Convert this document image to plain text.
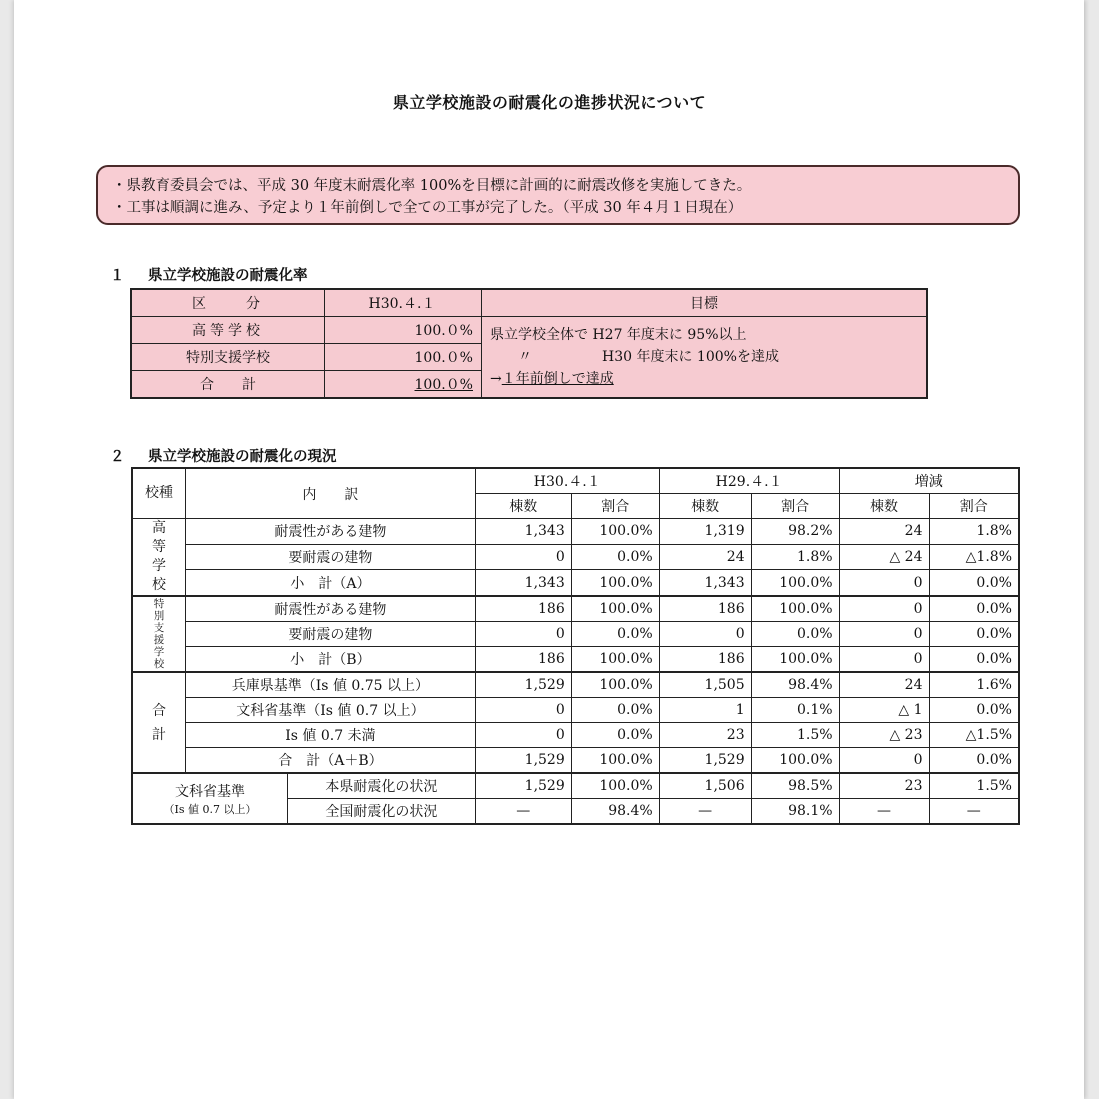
県立学校施設の耐震化の進捗状況について
・県教育委員会では、平成 30 年度末耐震化率 100%を目標に計画的に耐震改修を実施してきた。
・工事は順調に進み、予定より１年前倒しで全ての工事が完了した。（平成 30 年４月１日現在）
１ 県立学校施設の耐震化率
区　　分	H30.４.１	目標
高等学校	100.０%	県立学校全体で H27 年度末に 95%以上
　　〃　　　　　H30 年度末に 100%を達成
→１年前倒しで達成

特別支援学校	100.０%	
合　　計	100.０%	
２ 県立学校施設の耐震化の現況
校種	内　　訳		H30.４.１		H29.４.１		増減	
			棟数	割合	棟数	割合	棟数	割合

高等学校	耐震性がある建物		1,343	100.0%	1,319	98.2%	24	1.8%
	要耐震の建物		0	0.0%	24	1.8%	△ 24	△1.8%
	小　計（A）		1,343	100.0%	1,343	100.0%	0	0.0%

特別支援学校	耐震性がある建物		186	100.0%	186	100.0%	0	0.0%
	要耐震の建物		0	0.0%	0	0.0%	0	0.0%
	小　計（B）		186	100.0%	186	100.0%	0	0.0%

合計	兵庫県基準（Is 値 0.75 以上）		1,529	100.0%	1,505	98.4%	24	1.6%
	文科省基準（Is 値 0.7 以上）		0	0.0%	1	0.1%	△ 1	0.0%
	Is 値 0.7 未満		0	0.0%	23	1.5%	△ 23	△1.5%
	合　計（A＋B）		1,529	100.0%	1,529	100.0%	0	0.0%

文科省基準
（Is 値 0.7 以上）		本県耐震化の状況	1,529	100.0%	1,506	98.5%	23	1.5%
		全国耐震化の状況	—	98.4%	—	98.1%	—	—
